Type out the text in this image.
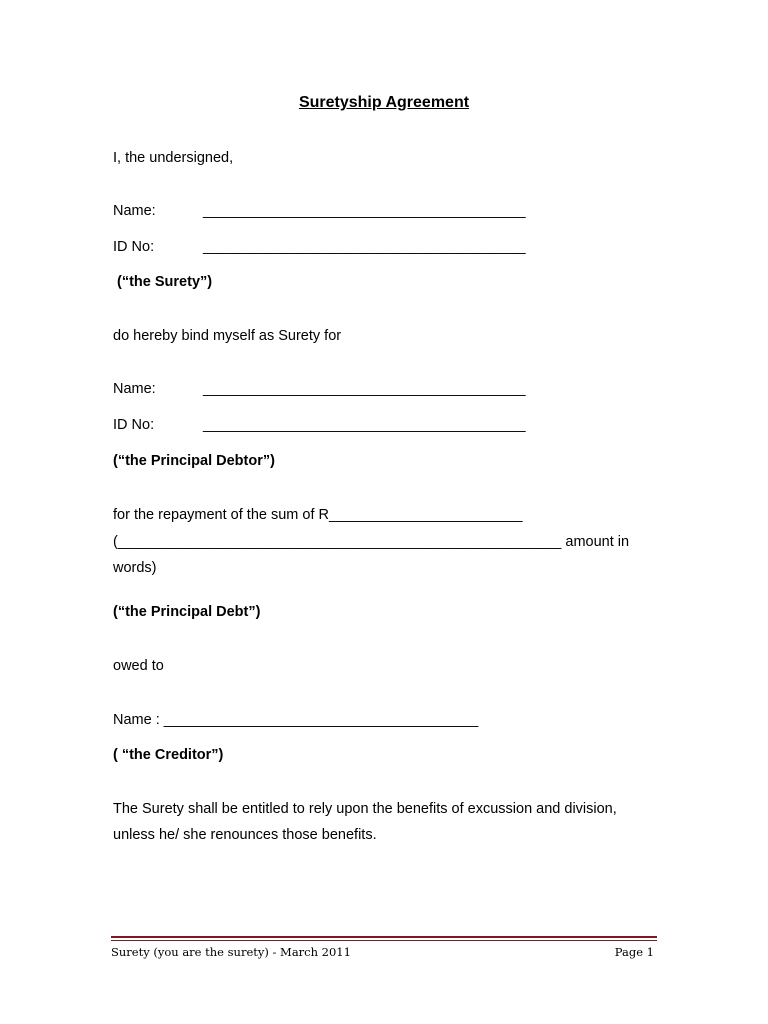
Suretyship Agreement
I, the undersigned,
Name:	________________________________________
ID No:	________________________________________
(“the Surety”)
do hereby bind myself as Surety for
Name:	________________________________________
ID No:	________________________________________
(“the Principal Debtor”)
for the repayment of the sum of R________________________
(_______________________________________________________ amount in
words)
(“the Principal Debt”)
owed to
Name : _______________________________________
( “the Creditor”)
The Surety shall be entitled to rely upon the benefits of excussion and division,
unless he/ she renounces those benefits.
Surety (you are the surety) - March 2011	Page 1
